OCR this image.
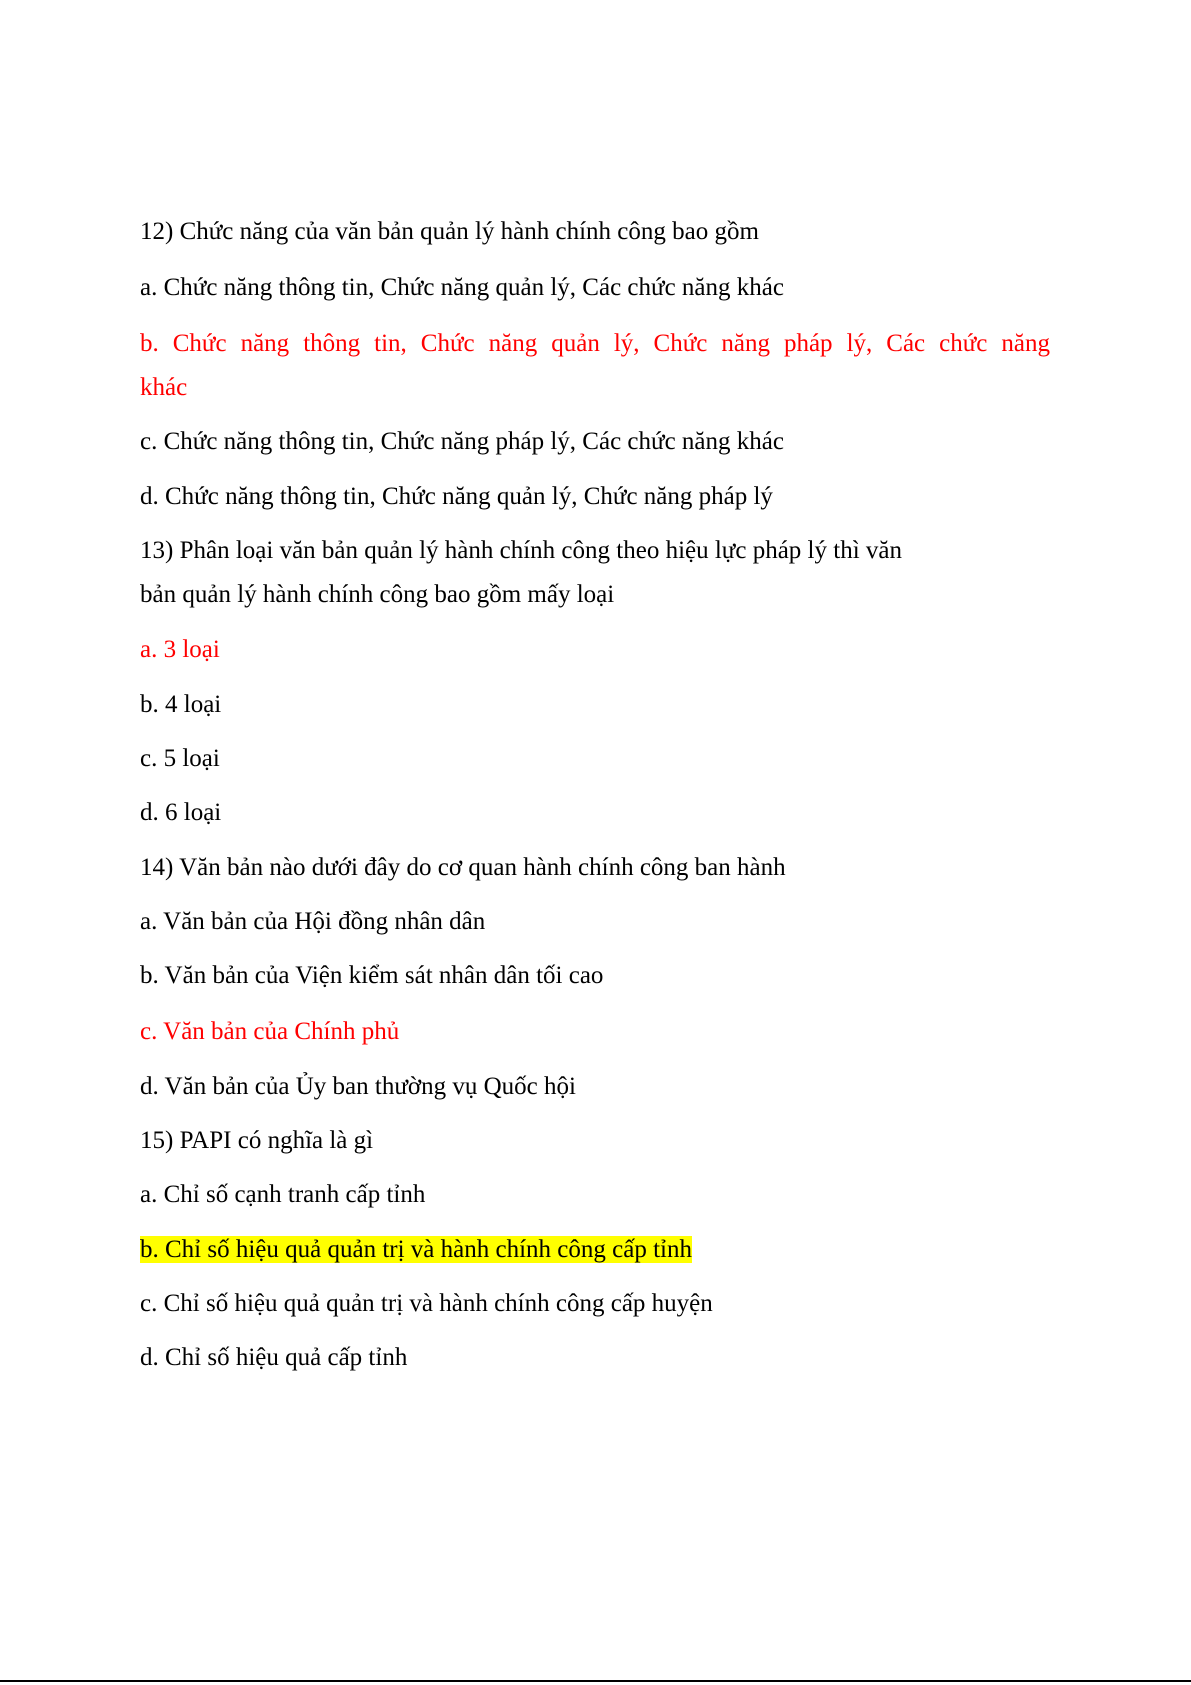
12) Chức năng của văn bản quản lý hành chính công bao gồm
a. Chức năng thông tin, Chức năng quản lý, Các chức năng khác
b. Chức năng thông tin, Chức năng quản lý, Chức năng pháp lý, Các chức năng
khác
c. Chức năng thông tin, Chức năng pháp lý, Các chức năng khác
d. Chức năng thông tin, Chức năng quản lý, Chức năng pháp lý
13) Phân loại văn bản quản lý hành chính công theo hiệu lực pháp lý thì văn
bản quản lý hành chính công bao gồm mấy loại
a. 3 loại
b. 4 loại
c. 5 loại
d. 6 loại
14) Văn bản nào dưới đây do cơ quan hành chính công ban hành
a. Văn bản của Hội đồng nhân dân
b. Văn bản của Viện kiểm sát nhân dân tối cao
c. Văn bản của Chính phủ
d. Văn bản của Ủy ban thường vụ Quốc hội
15) PAPI có nghĩa là gì
a. Chỉ số cạnh tranh cấp tỉnh
b. Chỉ số hiệu quả quản trị và hành chính công cấp tỉnh
c. Chỉ số hiệu quả quản trị và hành chính công cấp huyện
d. Chỉ số hiệu quả cấp tỉnh
